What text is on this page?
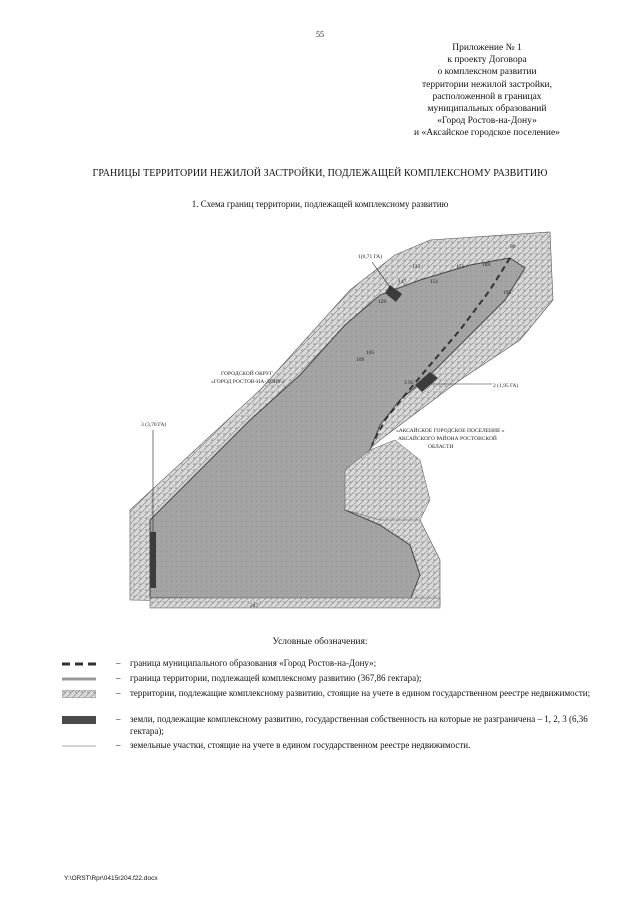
55
Приложение № 1
к проекту Договора
о комплексном развитии
территории нежилой застройки,
расположенной в границах
муниципальных образований
«Город Ростов-на-Дону»
и «Аксайское городское поселение»
ГРАНИЦЫ ТЕРРИТОРИИ НЕЖИЛОЙ ЗАСТРОЙКИ, ПОДЛЕЖАЩЕЙ КОМПЛЕКСНОМУ РАЗВИТИЮ
1. Схема границ территории, подлежащей комплексному развитию
1(0,71 ГА)
2 (1,95 ГА)
3 (3,70 ГА)
ГОРОДСКОЙ ОКРУГ
«ГОРОД РОСТОВ-НА-ДОНУ»
«АКСАЙСКОЕ ГОРОДСКОЕ ПОСЕЛЕНИЕ »
АКСАЙСКОГО РАЙОНА РОСТОВСКОЙ
ОБЛАСТИ
147
133
151
195
105
109
129
171	189
3 95
80
247
Условные обозначения:
– граница муниципального образования «Город Ростов-на-Дону»;
– граница территории, подлежащей комплексному развитию (367,86 гектара);
– территории, подлежащие комплексному развитию, стоящие на учете в едином государственном реестре недвижимости;
– земли, подлежащие комплексному развитию, государственная собственность на которые не разграничена – 1, 2, 3 (6,36 гектара);
– земельные участки, стоящие на учете в едином государственном реестре недвижимости.
Y:\ORST\Rpr\0415r204.f22.docx
